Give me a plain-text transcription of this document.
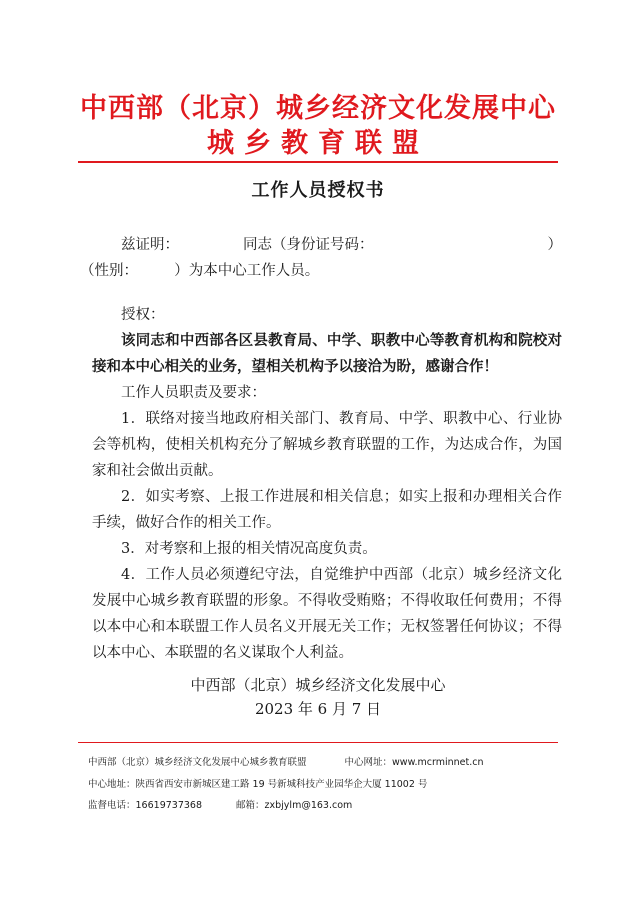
中西部（北京）城乡经济文化发展中心
城乡教育联盟
工作人员授权书

兹证明：	同志（身份证号码：	）

（性别：　　　）为本中心工作人员。

授权：

该同志和中西部各区县教育局、中学、职教中心等教育机构和院校对接和本中心相关的业务，望相关机构予以接洽为盼，感谢合作！

工作人员职责及要求：

1．联络对接当地政府相关部门、教育局、中学、职教中心、行业协会等机构，使相关机构充分了解城乡教育联盟的工作，为达成合作，为国家和社会做出贡献。

2．如实考察、上报工作进展和相关信息；如实上报和办理相关合作手续，做好合作的相关工作。

3．对考察和上报的相关情况高度负责。

4．工作人员必须遵纪守法，自觉维护中西部（北京）城乡经济文化发展中心城乡教育联盟的形象。不得收受贿赂；不得收取任何费用；不得以本中心和本联盟工作人员名义开展无关工作；无权签署任何协议；不得以本中心、本联盟的名义谋取个人利益。

中西部（北京）城乡经济文化发展中心
2023 年 6 月 7 日
中西部（北京）城乡经济文化发展中心城乡教育联盟	中心网址：www.mcrminnet.cn
中心地址：陕西省西安市新城区建工路 19 号新城科技产业园华企大厦 11002 号
监督电话：16619737368	邮箱：zxbjylm@163.com
